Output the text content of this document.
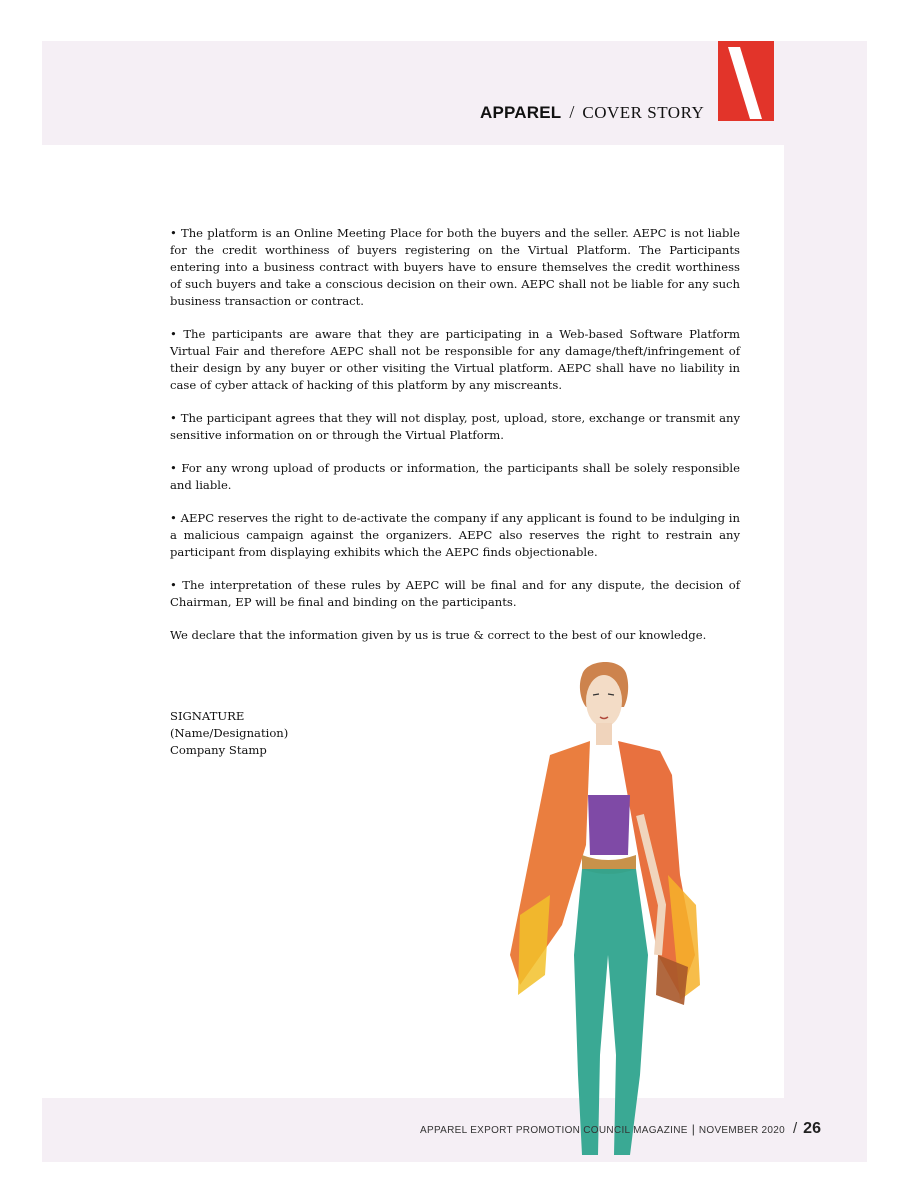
APPAREL / COVER STORY

• The platform is an Online Meeting Place for both the buyers and the seller. AEPC is not liable for the credit worthiness of buyers registering on the Virtual Platform. The Participants entering into a business contract with buyers have to ensure themselves the credit worthiness of such buyers and take a conscious decision on their own. AEPC shall not be liable for any such business transaction or contract.

• The participants are aware that they are participating in a Web-based Software Platform Virtual Fair and therefore AEPC shall not be responsible for any damage/theft/infringement of their design by any buyer or other visiting the Virtual platform. AEPC shall have no liability in case of cyber attack of hacking of this platform by any miscreants.

• The participant agrees that they will not display, post, upload, store, exchange or transmit any sensitive information on or through the Virtual Platform.

• For any wrong upload of products or information, the participants shall be solely responsible and liable.

• AEPC reserves the right to de-activate the company if any applicant is found to be indulging in a malicious campaign against the organizers. AEPC also reserves the right to restrain any participant from displaying exhibits which the AEPC finds objectionable.

• The interpretation of these rules by AEPC will be final and for any dispute, the decision of Chairman, EP will be final and binding on the participants.

We declare that the information given by us is true & correct to the best of our knowledge.

SIGNATURE
(Name/Designation)
Company Stamp
APPAREL EXPORT PROMOTION COUNCIL MAGAZINE | NOVEMBER 2020 / 26
